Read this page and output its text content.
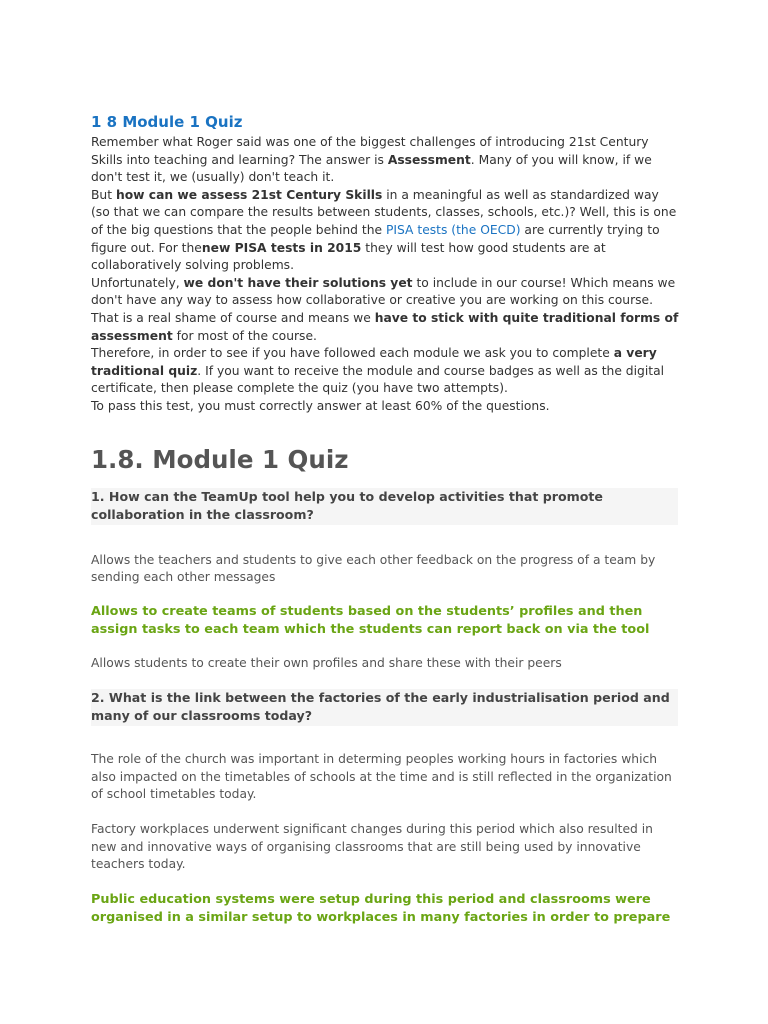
1 8 Module 1 Quiz

Remember what Roger said was one of the biggest challenges of introducing 21st Century Skills into teaching and learning? The answer is Assessment. Many of you will know, if we don't test it, we (usually) don't teach it.

But how can we assess 21st Century Skills in a meaningful as well as standardized way (so that we can compare the results between students, classes, schools, etc.)? Well, this is one of the big questions that the people behind the PISA tests (the OECD) are currently trying to figure out. For thenew PISA tests in 2015 they will test how good students are at collaboratively solving problems.

Unfortunately, we don't have their solutions yet to include in our course! Which means we don't have any way to assess how collaborative or creative you are working on this course. That is a real shame of course and means we have to stick with quite traditional forms of assessment for most of the course.

Therefore, in order to see if you have followed each module we ask you to complete a very traditional quiz. If you want to receive the module and course badges as well as the digital certificate, then please complete the quiz (you have two attempts).

To pass this test, you must correctly answer at least 60% of the questions.

1.8. Module 1 Quiz
1. How can the TeamUp tool help you to develop activities that promote collaboration in the classroom?

Allows the teachers and students to give each other feedback on the progress of a team by sending each other messages

Allows to create teams of students based on the students’ profiles and then assign tasks to each team which the students can report back on via the tool

Allows students to create their own profiles and share these with their peers

2. What is the link between the factories of the early industrialisation period and many of our classrooms today?

The role of the church was important in determing peoples working hours in factories which also impacted on the timetables of schools at the time and is still reflected in the organization of school timetables today.

Factory workplaces underwent significant changes during this period which also resulted in new and innovative ways of organising classrooms that are still being used by innovative teachers today.

Public education systems were setup during this period and classrooms were organised in a similar setup to workplaces in many factories in order to prepare
